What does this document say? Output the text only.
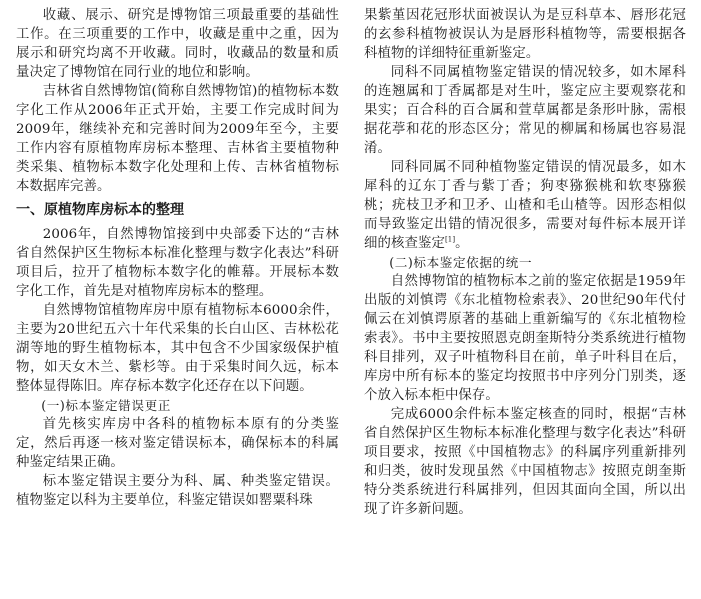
收藏、展示、研究是博物馆三项最重要的基础性工作。在三项重要的工作中，收藏是重中之重，因为展示和研究均离不开收藏。同时，收藏品的数量和质量决定了博物馆在同行业的地位和影响。

吉林省自然博物馆(简称自然博物馆)的植物标本数字化工作从2006年正式开始，主要工作完成时间为2009年，继续补充和完善时间为2009年至今，主要工作内容有原植物库房标本整理、吉林省主要植物种类采集、植物标本数字化处理和上传、吉林省植物标本数据库完善。

一、原植物库房标本的整理

2006年，自然博物馆接到中央部委下达的“吉林省自然保护区生物标本标准化整理与数字化表达”科研项目后，拉开了植物标本数字化的帷幕。开展标本数字化工作，首先是对植物库房标本的整理。

自然博物馆植物库房中原有植物标本6000余件，主要为20世纪五六十年代采集的长白山区、吉林松花湖等地的野生植物标本，其中包含不少国家级保护植物，如天女木兰、紫杉等。由于采集时间久远，标本整体显得陈旧。库存标本数字化还存在以下问题。

(一)标本鉴定错误更正

首先核实库房中各科的植物标本原有的分类鉴定，然后再逐一核对鉴定错误标本，确保标本的科属种鉴定结果正确。

标本鉴定错误主要分为科、属、种类鉴定错误。植物鉴定以科为主要单位，科鉴定错误如罂粟科珠

果紫堇因花冠形状面被误认为是豆科草本、唇形花冠的玄参科植物被误认为是唇形科植物等，需要根据各科植物的详细特征重新鉴定。

同科不同属植物鉴定错误的情况较多，如木犀科的连翘属和丁香属都是对生叶，鉴定应主要观察花和果实；百合科的百合属和萱草属都是条形叶脉，需根据花葶和花的形态区分；常见的柳属和杨属也容易混淆。

同科同属不同种植物鉴定错误的情况最多，如木犀科的辽东丁香与紫丁香；狗枣猕猴桃和软枣猕猴桃；疣枝卫矛和卫矛、山楂和毛山楂等。因形态相似而导致鉴定出错的情况很多，需要对每件标本展开详细的核查鉴定[1]。

(二)标本鉴定依据的统一

自然博物馆的植物标本之前的鉴定依据是1959年出版的刘慎谔《东北植物检索表》、20世纪90年代付佩云在刘慎谔原著的基础上重新编写的《东北植物检索表》。书中主要按照恩克朗奎斯特分类系统进行植物科目排列，双子叶植物科目在前，单子叶科目在后，库房中所有标本的鉴定均按照书中序列分门别类，逐个放入标本柜中保存。

完成6000余件标本鉴定核查的同时，根据“吉林省自然保护区生物标本标准化整理与数字化表达”科研项目要求，按照《中国植物志》的科属序列重新排列和归类，彼时发现虽然《中国植物志》按照克朗奎斯特分类系统进行科属排列，但因其面向全国，所以出现了许多新问题。
